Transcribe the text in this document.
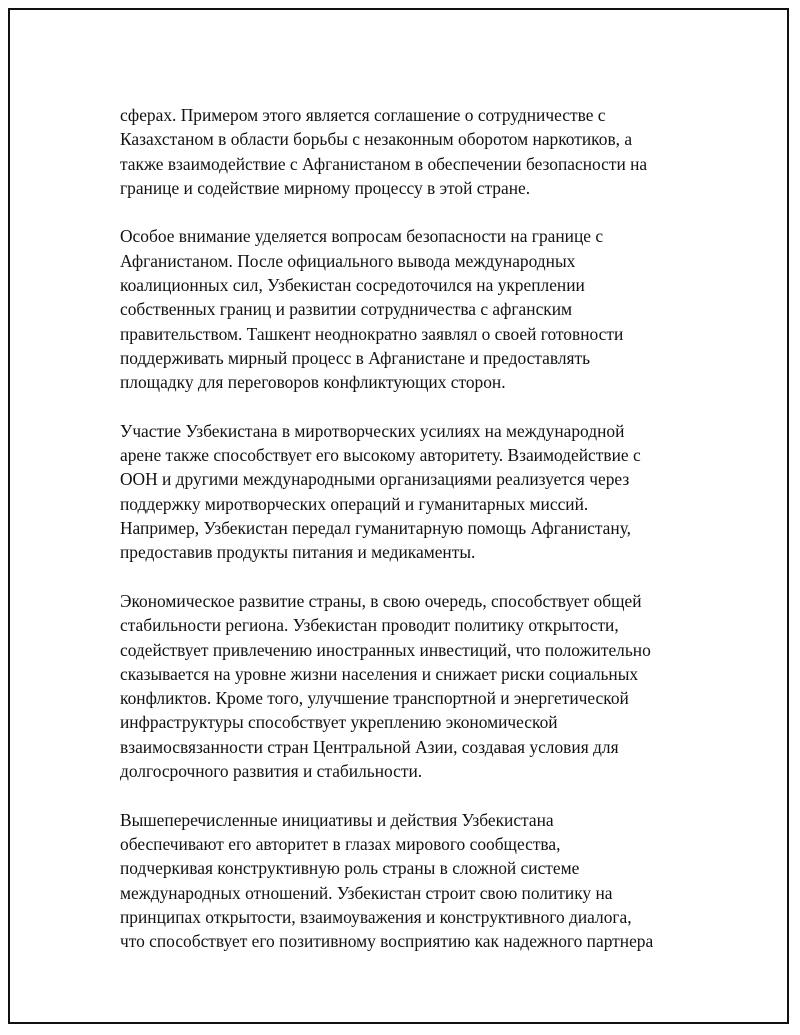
сферах. Примером этого является соглашение о сотрудничестве с
Казахстаном в области борьбы с незаконным оборотом наркотиков, а
также взаимодействие с Афганистаном в обеспечении безопасности на
границе и содействие мирному процессу в этой стране.

Особое внимание уделяется вопросам безопасности на границе с
Афганистаном. После официального вывода международных
коалиционных сил, Узбекистан сосредоточился на укреплении
собственных границ и развитии сотрудничества с афганским
правительством. Ташкент неоднократно заявлял о своей готовности
поддерживать мирный процесс в Афганистане и предоставлять
площадку для переговоров конфликтующих сторон.

Участие Узбекистана в миротворческих усилиях на международной
арене также способствует его высокому авторитету. Взаимодействие с
ООН и другими международными организациями реализуется через
поддержку миротворческих операций и гуманитарных миссий.
Например, Узбекистан передал гуманитарную помощь Афганистану,
предоставив продукты питания и медикаменты.

Экономическое развитие страны, в свою очередь, способствует общей
стабильности региона. Узбекистан проводит политику открытости,
содействует привлечению иностранных инвестиций, что положительно
сказывается на уровне жизни населения и снижает риски социальных
конфликтов. Кроме того, улучшение транспортной и энергетической
инфраструктуры способствует укреплению экономической
взаимосвязанности стран Центральной Азии, создавая условия для
долгосрочного развития и стабильности.

Вышеперечисленные инициативы и действия Узбекистана
обеспечивают его авторитет в глазах мирового сообщества,
подчеркивая конструктивную роль страны в сложной системе
международных отношений. Узбекистан строит свою политику на
принципах открытости, взаимоуважения и конструктивного диалога,
что способствует его позитивному восприятию как надежного партнера
